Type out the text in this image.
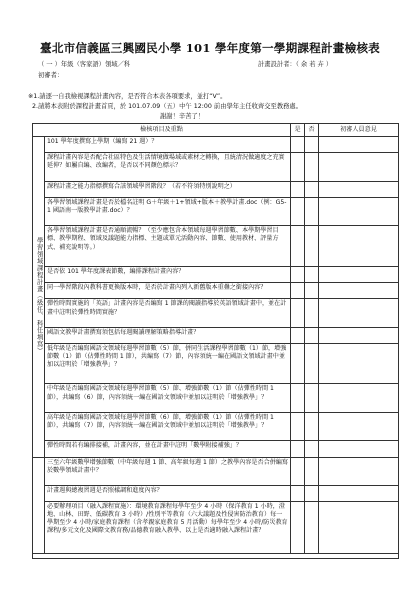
臺北市信義區三興國民小學 101 學年度第一學期課程計畫檢核表
（ 一 ）年級（客家語）領域／科	計畫設計者：（ 余 若 卉 ）
初審者：
※1.請逐一自我檢視課程計畫內容，是否符合本表各項要求，並打“V”。
2.請將本表附於課程計畫首頁，於 101.07.09（五）中午 12:00 前由學年主任收齊交至教務處。
謝謝！辛苦了！
檢核項目及重點		是	否	初審人員意見
學習領域課程計畫（級任、科任填寫）	101 學年度撰寫上學期（編寫 21 週）？			
	課程計畫內容是否配合社區特色及生活情境做場域或素材之轉換，且統清況做適度之充實延伸？如屬自編、改編者，是否以不同顏色標示？			
	課程計畫之能力指標撰寫合該領域學習階段？（若不符須特別說明之）			
	各學習領域課程計畫是否於檔名註明 G＋年級＋1+領域+版本＋教學計畫.doc（例：G5-1 國語南一版教學計畫.doc）？			
	各學習領域課程計畫是否通順流暢？（至少應包含本領域每週學習節數、本學期學習目標、教學期程、領域及議題能力指標、主題或單元活動內容、節數、使用教材、評量方式、補充說明等。）			
	是否依 101 學年度課表節數，編排課程計畫內容？			
	同一學習階段內教科書更換版本時，是否於計畫內列入新舊版本重疊之銜接內容？			
	彈性時間實施的「英語」計畫內容是否編寫 1 節課的閱讀指導於英語領域計畫中，並在計畫中註明於彈性時間實施？			
	國語文教學計畫撰寫須包括每週閱讀理解策略指導計畫？			
	低年級是否編寫國語文領域每週學習節數（5）節，併同生活課程學習節數（1）節，增強節數（1）節（佔彈性時間 1 節），共編寫（7）節，內容須統一編在國語文領域計畫中並加以註明於「增強教學」？			
	中年級是否編寫國語文領域每週學習節數（5）節、增強節數（1）節（佔彈性時間 1 節），共編寫（6）節，內容須統一編在國語文領域中並加以註明於「增強教學」？			
	高年級是否編寫國語文領域每週學習節數（6）節，增強節數（1）節（佔彈性時間 1 節），共編寫（7）節，內容須統一編在國語文領域中並加以註明於「增強教學」？			
	彈性時間若有編排接補，計畫內容，並在計畫中註明「數學附接補強」？			
	三至六年級數學增強節數（中年級每週 1 節、高年級每週 1 節）之教學內容是否合併編寫於數學領域計畫中？			
	計畫週與總複習週是否照樣調和進度內容？			
	必要辦理項目（融入課程實施）：環境教育課程每學年至少 4 小時（保洋教育 1 小時，澄地、山林、田野、低碳教育 3 小時）/性別平等教育（六大議題及性侵害防治教育）每一學期至少 4 小時/家庭教育課程（含孝親家庭教育 5 月活動）每學年至少 4 小時/防災教育課程/多元文化及國際文教育務/品德教育融入教學、以上是否適時融入課程計畫？			
